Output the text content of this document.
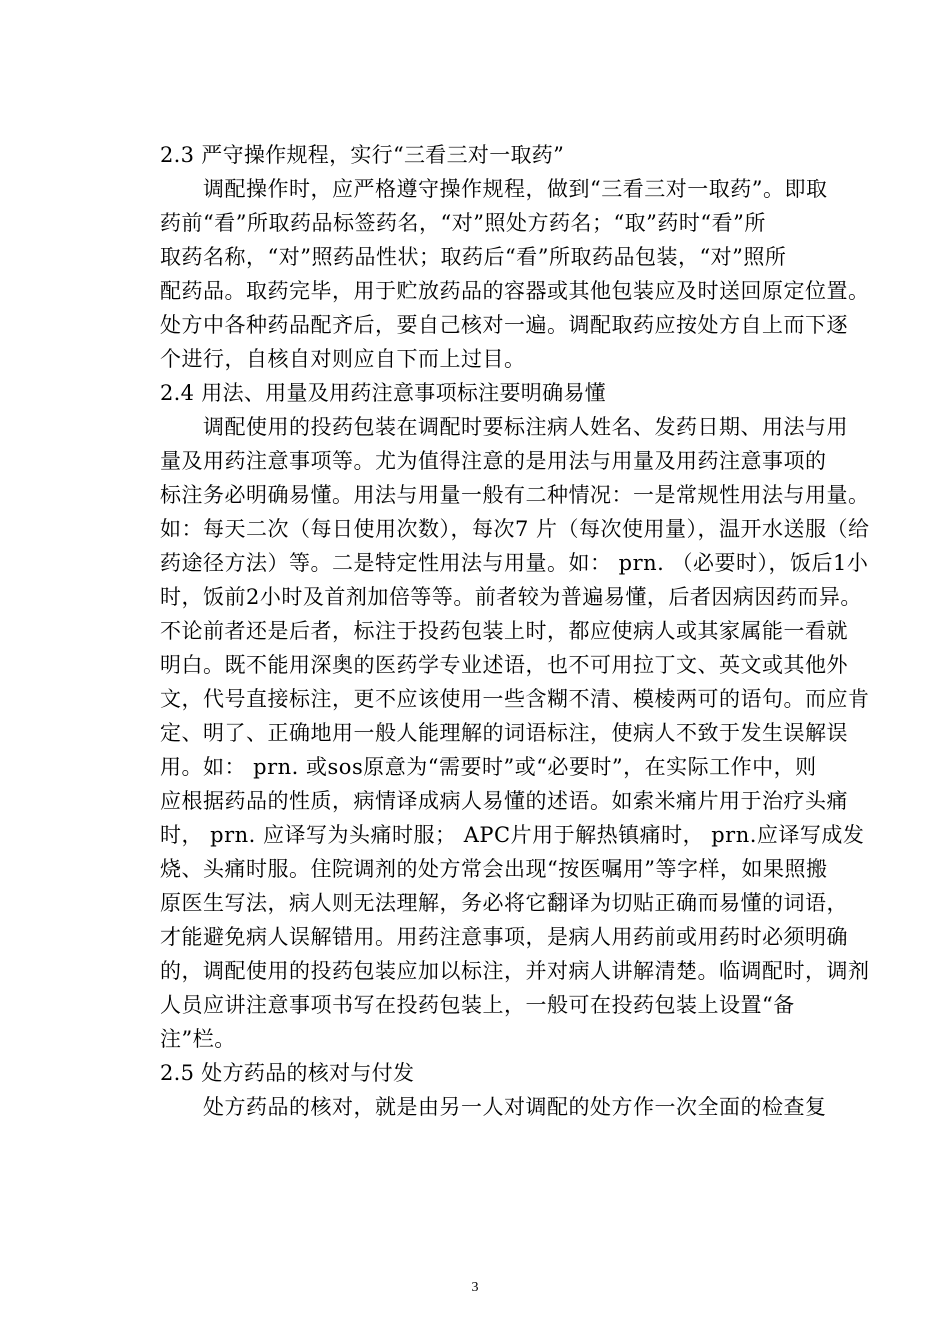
2.3 严守操作规程，实行“三看三对一取药”
调配操作时，应严格遵守操作规程，做到“三看三对一取药”。即取
药前“看”所取药品标签药名，“对”照处方药名；“取”药时“看”所
取药名称，“对”照药品性状；取药后“看”所取药品包装，“对”照所
配药品。取药完毕，用于贮放药品的容器或其他包装应及时送回原定位置。
处方中各种药品配齐后，要自己核对一遍。调配取药应按处方自上而下逐
个进行，自核自对则应自下而上过目。
2.4 用法、用量及用药注意事项标注要明确易懂
调配使用的投药包装在调配时要标注病人姓名、发药日期、用法与用
量及用药注意事项等。尤为值得注意的是用法与用量及用药注意事项的
标注务必明确易懂。用法与用量一般有二种情况：一是常规性用法与用量。
如：每天二次（每日使用次数），每次7 片（每次使用量），温开水送服（给
药途径方法）等。二是特定性用法与用量。如： prn. （必要时），饭后1小
时，饭前2小时及首剂加倍等等。前者较为普遍易懂，后者因病因药而异。
不论前者还是后者，标注于投药包装上时，都应使病人或其家属能一看就
明白。既不能用深奥的医药学专业述语，也不可用拉丁文、英文或其他外
文，代号直接标注，更不应该使用一些含糊不清、模棱两可的语句。而应肯
定、明了、正确地用一般人能理解的词语标注，使病人不致于发生误解误
用。如： prn. 或sos原意为“需要时”或“必要时”，在实际工作中，则
应根据药品的性质，病情译成病人易懂的述语。如索米痛片用于治疗头痛
时， prn. 应译写为头痛时服； APC片用于解热镇痛时， prn.应译写成发
烧、头痛时服。住院调剂的处方常会出现“按医嘱用”等字样，如果照搬
原医生写法，病人则无法理解，务必将它翻译为切贴正确而易懂的词语，
才能避免病人误解错用。用药注意事项，是病人用药前或用药时必须明确
的，调配使用的投药包装应加以标注，并对病人讲解清楚。临调配时，调剂
人员应讲注意事项书写在投药包装上，一般可在投药包装上设置“备
注”栏。
2.5 处方药品的核对与付发
处方药品的核对，就是由另一人对调配的处方作一次全面的检查复
3
